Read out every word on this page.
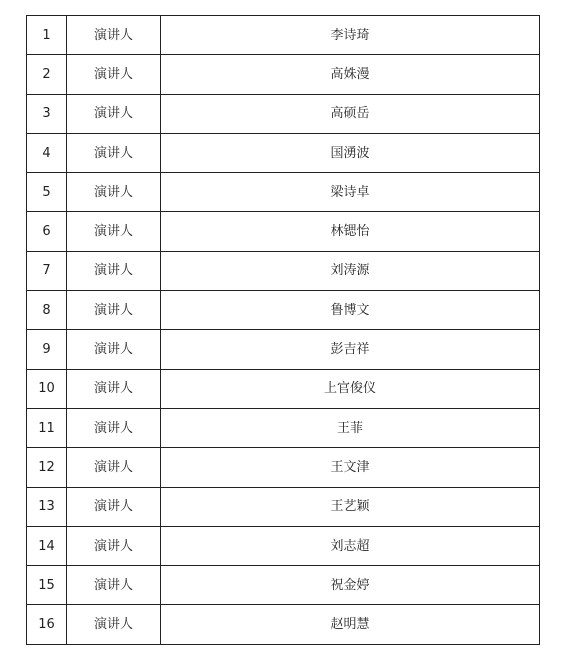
1	演讲人	李诗琦
2	演讲人	高姝漫
3	演讲人	高硕岳
4	演讲人	国湧波
5	演讲人	梁诗卓
6	演讲人	林锶怡
7	演讲人	刘涛源
8	演讲人	鲁博文
9	演讲人	彭吉祥
10	演讲人	上官俊仪
11	演讲人	王菲
12	演讲人	王文津
13	演讲人	王艺颖
14	演讲人	刘志超
15	演讲人	祝金婷
16	演讲人	赵明慧
